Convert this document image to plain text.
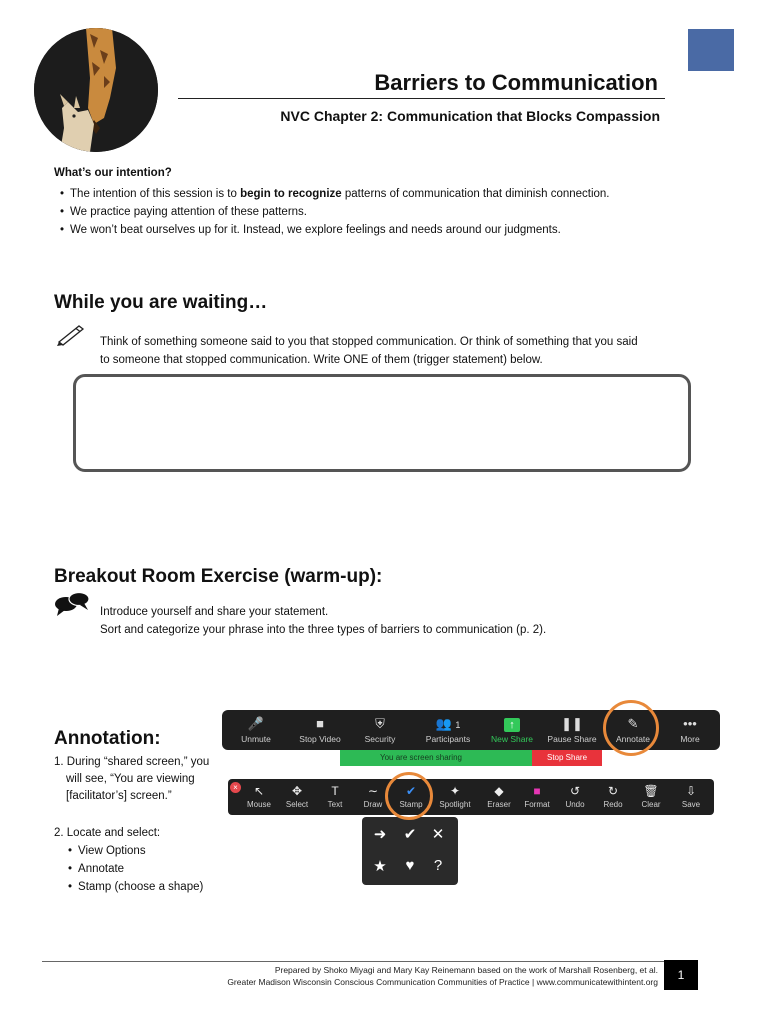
Barriers to Communication
NVC Chapter 2: Communication that Blocks Compassion
What’s our intention?
• The intention of this session is to begin to recognize patterns of communication that diminish connection.
• We practice paying attention of these patterns.
• We won’t beat ourselves up for it. Instead, we explore feelings and needs around our judgments.
While you are waiting…
Think of something someone said to you that stopped communication. Or think of something that you said
to someone that stopped communication. Write ONE of them (trigger statement) below.
Breakout Room Exercise (warm-up):
Introduce yourself and share your statement.
Sort and categorize your phrase into the three types of barriers to communication (p. 2).
Annotation:
1. During “shared screen,” you
will see, “You are viewing
[facilitator’s] screen.”
2. Locate and select:
• View Options
• Annotate
• Stamp (choose a shape)
🎤
Unmute
■
Stop Video
⛨
Security
👥 1
Participants
↑
New Share
❚❚
Pause Share
✎
Annotate
•••
More
You are screen sharing	Stop Share
↖
Mouse
✥
Select
T
Text
∼
Draw
✔
Stamp
✦
Spotlight
◆
Eraser
■
Format
↺
Undo
↻
Redo
🗑
Clear
⇩
Save
×
➜	✔	✕
★	♥	?
Prepared by Shoko Miyagi and Mary Kay Reinemann based on the work of Marshall Rosenberg, et al.
Greater Madison Wisconsin Conscious Communication Communities of Practice | www.communicatewithintent.org	1
